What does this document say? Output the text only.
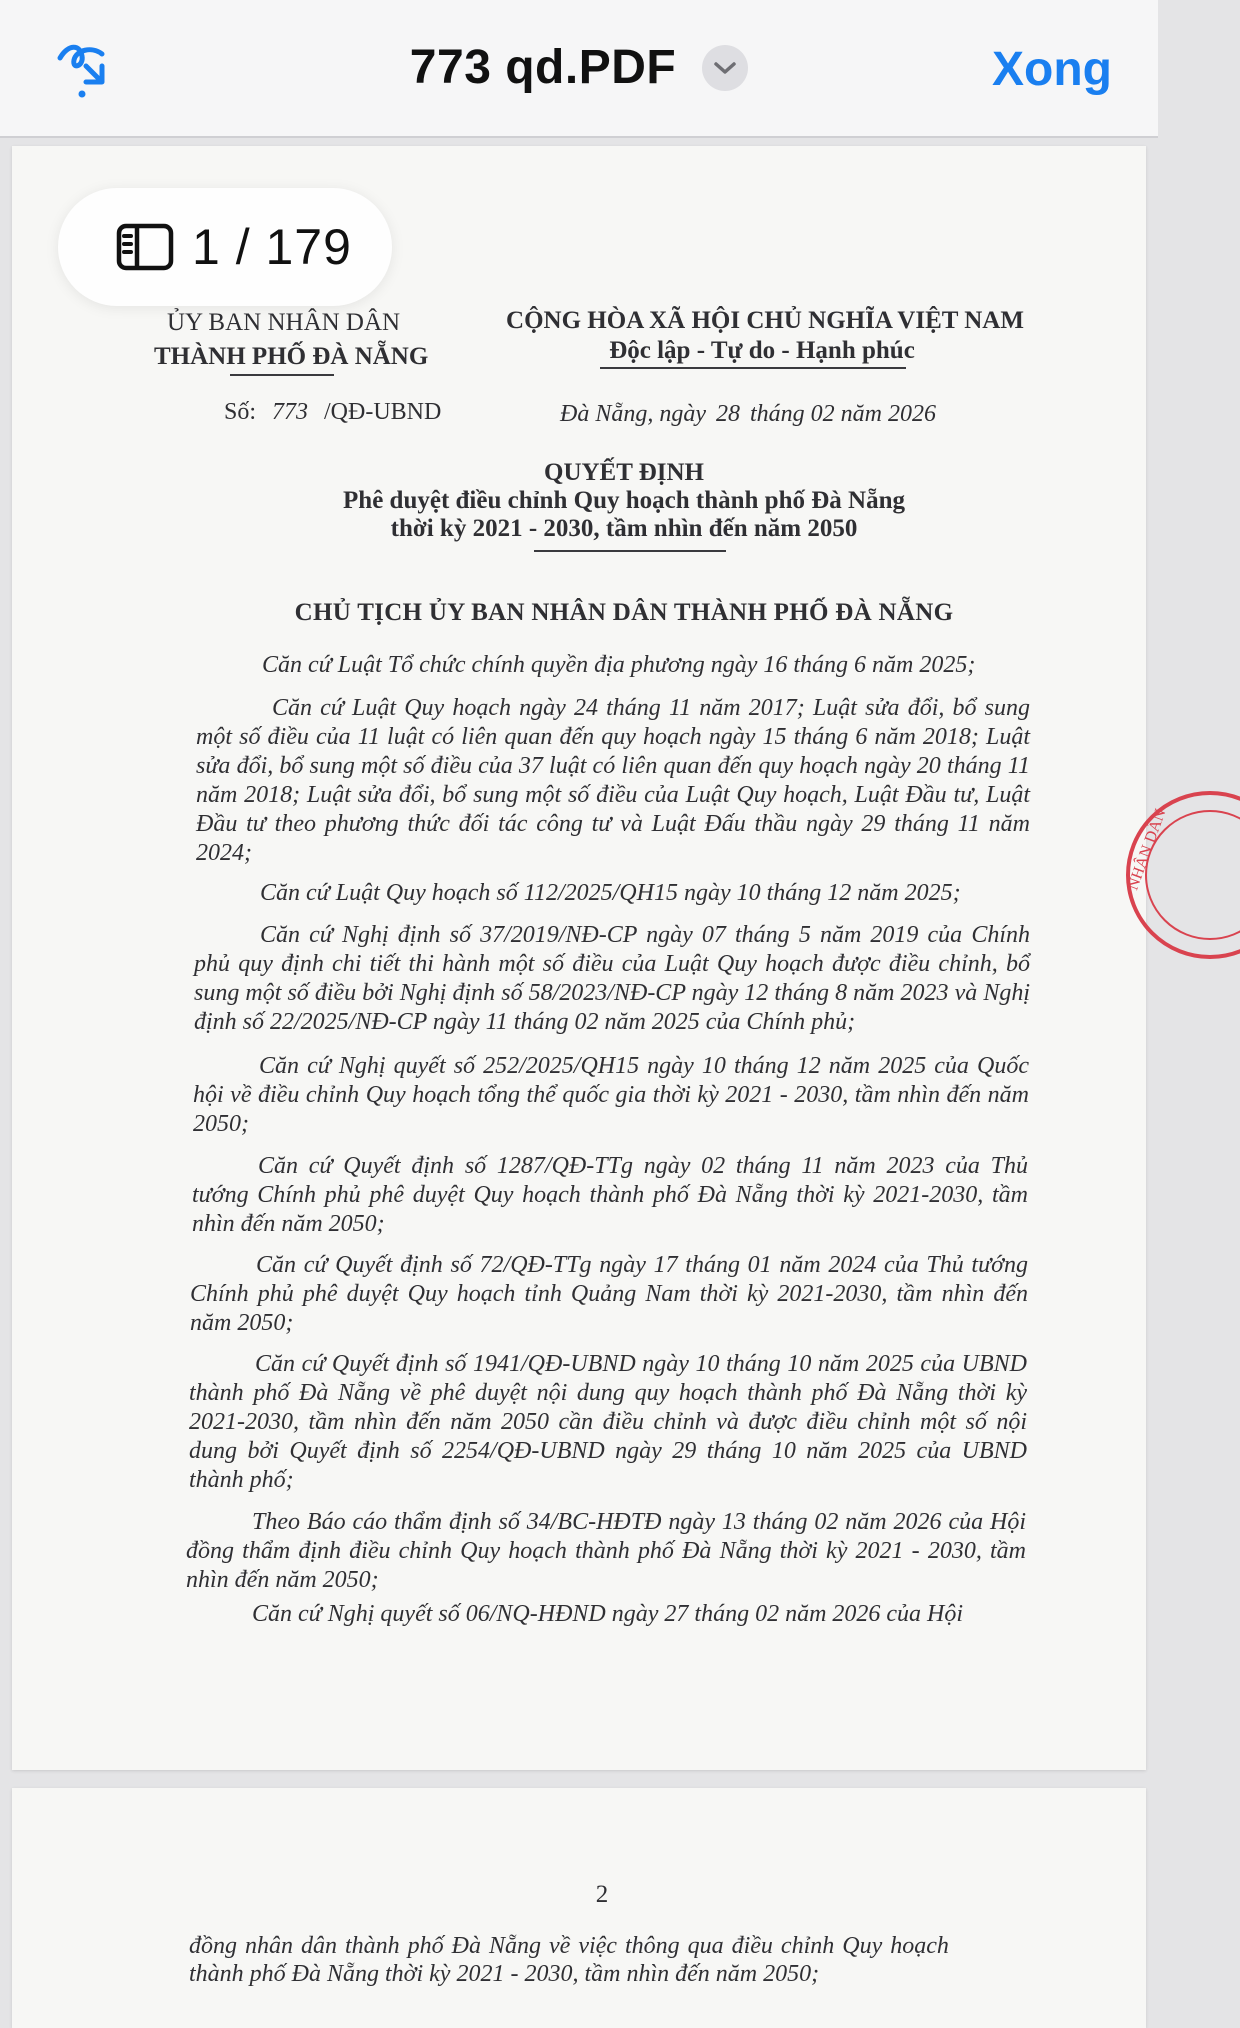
773 qd.PDF	Xong
ỦY BAN NHÂN DÂN
THÀNH PHỐ ĐÀ NẴNG
Số: 773 /QĐ-UBND
CỘNG HÒA XÃ HỘI CHỦ NGHĨA VIỆT NAM
Độc lập - Tự do - Hạnh phúc
Đà Nẵng, ngày 28 tháng 02 năm 2026
QUYẾT ĐỊNH
Phê duyệt điều chỉnh Quy hoạch thành phố Đà Nẵng
thời kỳ 2021 - 2030, tầm nhìn đến năm 2050
CHỦ TỊCH ỦY BAN NHÂN DÂN THÀNH PHỐ ĐÀ NẴNG
Căn cứ Luật Tổ chức chính quyền địa phương ngày 16 tháng 6 năm 2025;
Căn cứ Luật Quy hoạch ngày 24 tháng 11 năm 2017; Luật sửa đổi, bổ sung một số điều của 11 luật có liên quan đến quy hoạch ngày 15 tháng 6 năm 2018; Luật sửa đổi, bổ sung một số điều của 37 luật có liên quan đến quy hoạch ngày 20 tháng 11 năm 2018; Luật sửa đổi, bổ sung một số điều của Luật Quy hoạch, Luật Đầu tư, Luật Đầu tư theo phương thức đối tác công tư và Luật Đấu thầu ngày 29 tháng 11 năm 2024;
Căn cứ Luật Quy hoạch số 112/2025/QH15 ngày 10 tháng 12 năm 2025;
Căn cứ Nghị định số 37/2019/NĐ-CP ngày 07 tháng 5 năm 2019 của Chính phủ quy định chi tiết thi hành một số điều của Luật Quy hoạch được điều chỉnh, bổ sung một số điều bởi Nghị định số 58/2023/NĐ-CP ngày 12 tháng 8 năm 2023 và Nghị định số 22/2025/NĐ-CP ngày 11 tháng 02 năm 2025 của Chính phủ;
Căn cứ Nghị quyết số 252/2025/QH15 ngày 10 tháng 12 năm 2025 của Quốc hội về điều chỉnh Quy hoạch tổng thể quốc gia thời kỳ 2021 - 2030, tầm nhìn đến năm 2050;
Căn cứ Quyết định số 1287/QĐ-TTg ngày 02 tháng 11 năm 2023 của Thủ tướng Chính phủ phê duyệt Quy hoạch thành phố Đà Nẵng thời kỳ 2021-2030, tầm nhìn đến năm 2050;
Căn cứ Quyết định số 72/QĐ-TTg ngày 17 tháng 01 năm 2024 của Thủ tướng Chính phủ phê duyệt Quy hoạch tỉnh Quảng Nam thời kỳ 2021-2030, tầm nhìn đến năm 2050;
Căn cứ Quyết định số 1941/QĐ-UBND ngày 10 tháng 10 năm 2025 của UBND thành phố Đà Nẵng về phê duyệt nội dung quy hoạch thành phố Đà Nẵng thời kỳ 2021-2030, tầm nhìn đến năm 2050 cần điều chỉnh và được điều chỉnh một số nội dung bởi Quyết định số 2254/QĐ-UBND ngày 29 tháng 10 năm 2025 của UBND thành phố;
Theo Báo cáo thẩm định số 34/BC-HĐTĐ ngày 13 tháng 02 năm 2026 của Hội đồng thẩm định điều chỉnh Quy hoạch thành phố Đà Nẵng thời kỳ 2021 - 2030, tầm nhìn đến năm 2050;
Căn cứ Nghị quyết số 06/NQ-HĐND ngày 27 tháng 02 năm 2026 của Hội
NHÂN DÂN
1 / 179
2
đồng nhân dân thành phố Đà Nẵng về việc thông qua điều chỉnh Quy hoạch
thành phố Đà Nẵng thời kỳ 2021 - 2030, tầm nhìn đến năm 2050;
